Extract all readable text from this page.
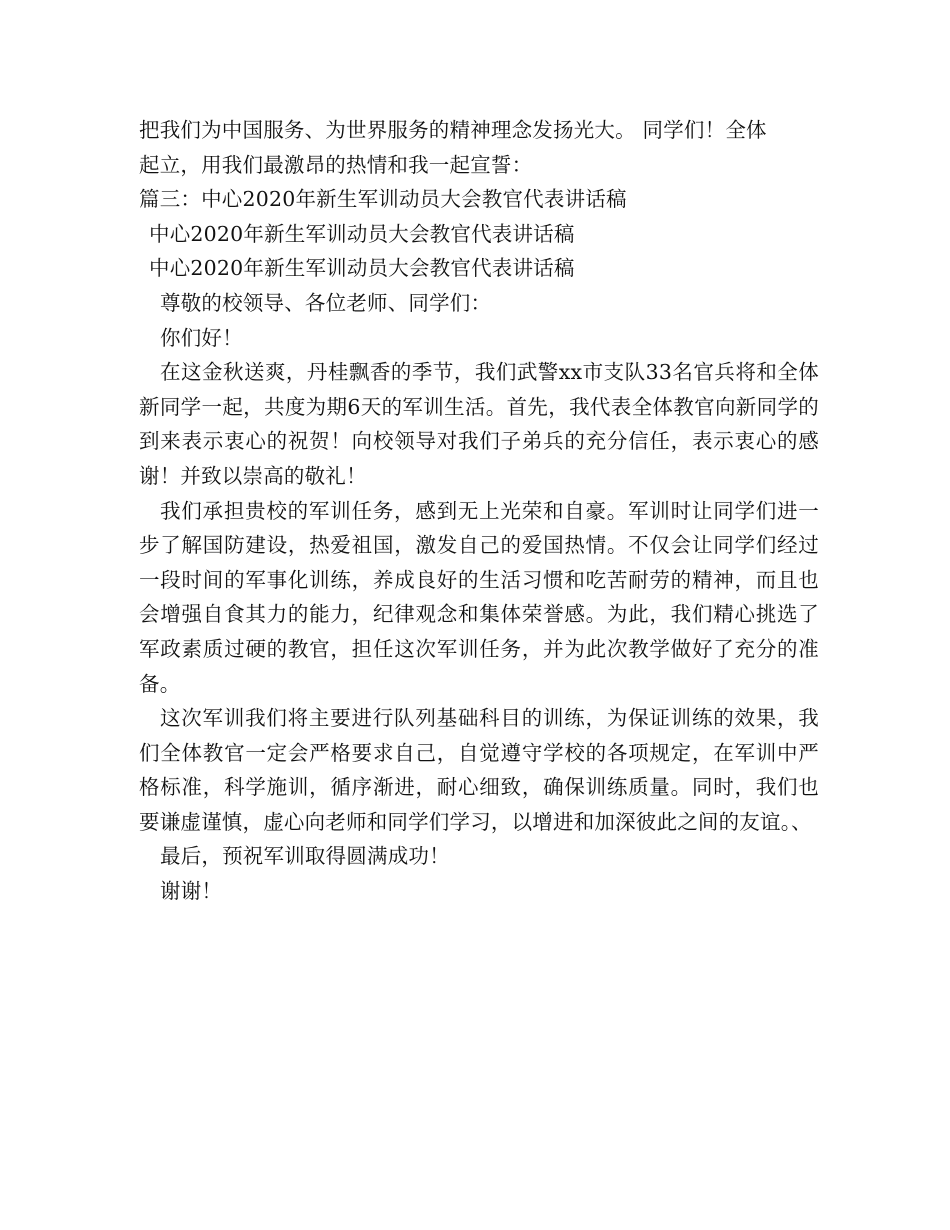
把我们为中国服务、为世界服务的精神理念发扬光大。 同学们！全体
起立，用我们最激昂的热情和我一起宣誓：
篇三：中心2020年新生军训动员大会教官代表讲话稿
中心2020年新生军训动员大会教官代表讲话稿
中心2020年新生军训动员大会教官代表讲话稿
尊敬的校领导、各位老师、同学们：
你们好！
在这金秋送爽，丹桂飘香的季节，我们武警xx市支队33名官兵将和全体新同学一起，共度为期6天的军训生活。首先，我代表全体教官向新同学的到来表示衷心的祝贺！向校领导对我们子弟兵的充分信任，表示衷心的感谢！并致以崇高的敬礼！
我们承担贵校的军训任务，感到无上光荣和自豪。军训时让同学们进一步了解国防建设，热爱祖国，激发自己的爱国热情。不仅会让同学们经过一段时间的军事化训练，养成良好的生活习惯和吃苦耐劳的精神，而且也会增强自食其力的能力，纪律观念和集体荣誉感。为此，我们精心挑选了军政素质过硬的教官，担任这次军训任务，并为此次教学做好了充分的准备。
这次军训我们将主要进行队列基础科目的训练，为保证训练的效果，我们全体教官一定会严格要求自己，自觉遵守学校的各项规定，在军训中严格标准，科学施训，循序渐进，耐心细致，确保训练质量。同时，我们也要谦虚谨慎，虚心向老师和同学们学习，以增进和加深彼此之间的友谊。、
最后，预祝军训取得圆满成功！
谢谢！
